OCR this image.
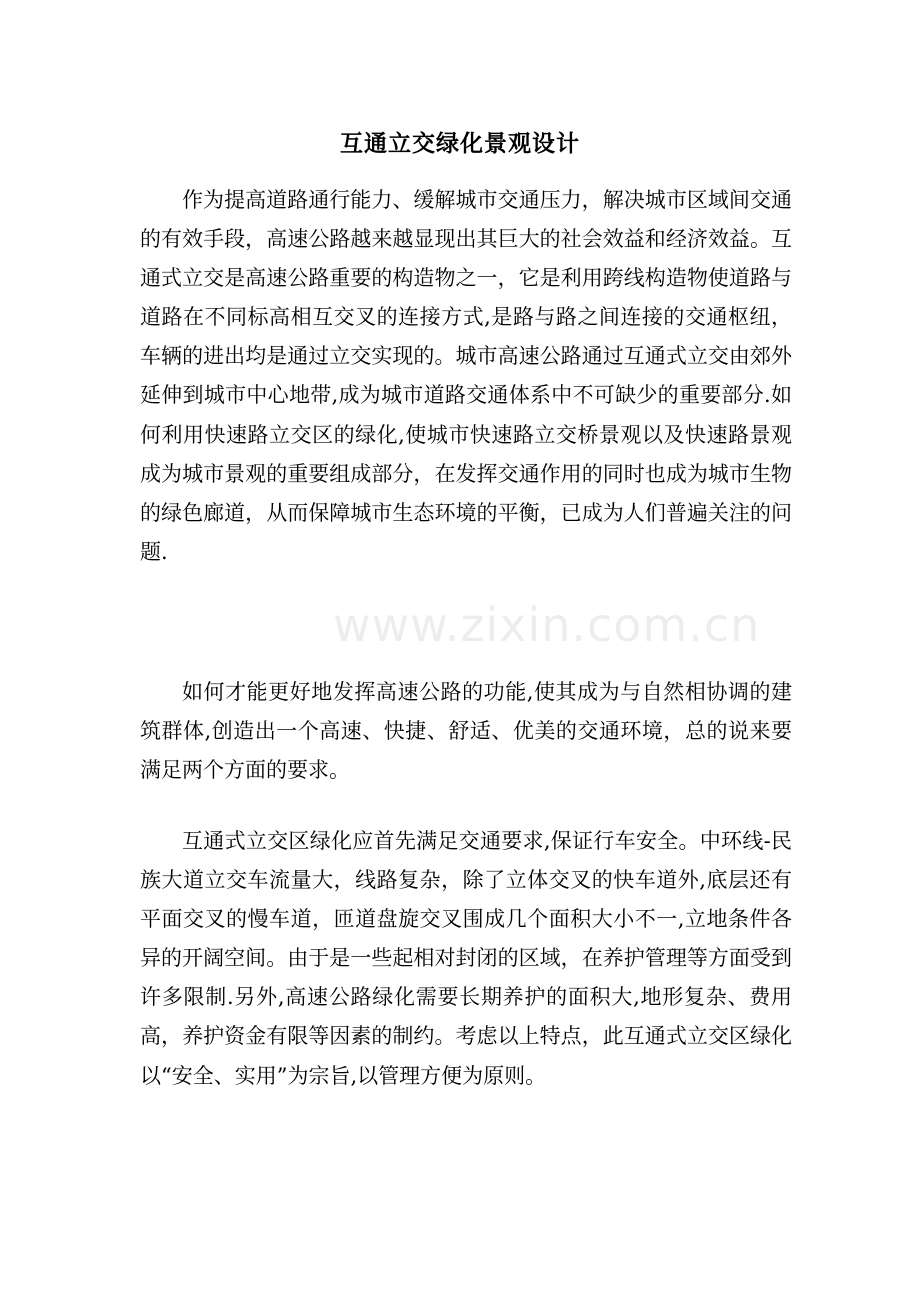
互通立交绿化景观设计

作为提高道路通行能力、缓解城市交通压力，解决城市区域间交通的有效手段，高速公路越来越显现出其巨大的社会效益和经济效益。互通式立交是高速公路重要的构造物之一，它是利用跨线构造物使道路与道路在不同标高相互交叉的连接方式,是路与路之间连接的交通枢纽，车辆的进出均是通过立交实现的。城市高速公路通过互通式立交由郊外延伸到城市中心地带,成为城市道路交通体系中不可缺少的重要部分.如何利用快速路立交区的绿化,使城市快速路立交桥景观以及快速路景观成为城市景观的重要组成部分，在发挥交通作用的同时也成为城市生物的绿色廊道，从而保障城市生态环境的平衡，已成为人们普遍关注的问题.

如何才能更好地发挥高速公路的功能,使其成为与自然相协调的建筑群体,创造出一个高速、快捷、舒适、优美的交通环境，总的说来要满足两个方面的要求。

互通式立交区绿化应首先满足交通要求,保证行车安全。中环线-民族大道立交车流量大，线路复杂，除了立体交叉的快车道外,底层还有平面交叉的慢车道，匝道盘旋交叉围成几个面积大小不一,立地条件各异的开阔空间。由于是一些起相对封闭的区域，在养护管理等方面受到许多限制.另外,高速公路绿化需要长期养护的面积大,地形复杂、费用高，养护资金有限等因素的制约。考虑以上特点，此互通式立交区绿化以“安全、实用”为宗旨,以管理方便为原则。

www.zixin.com.cn
